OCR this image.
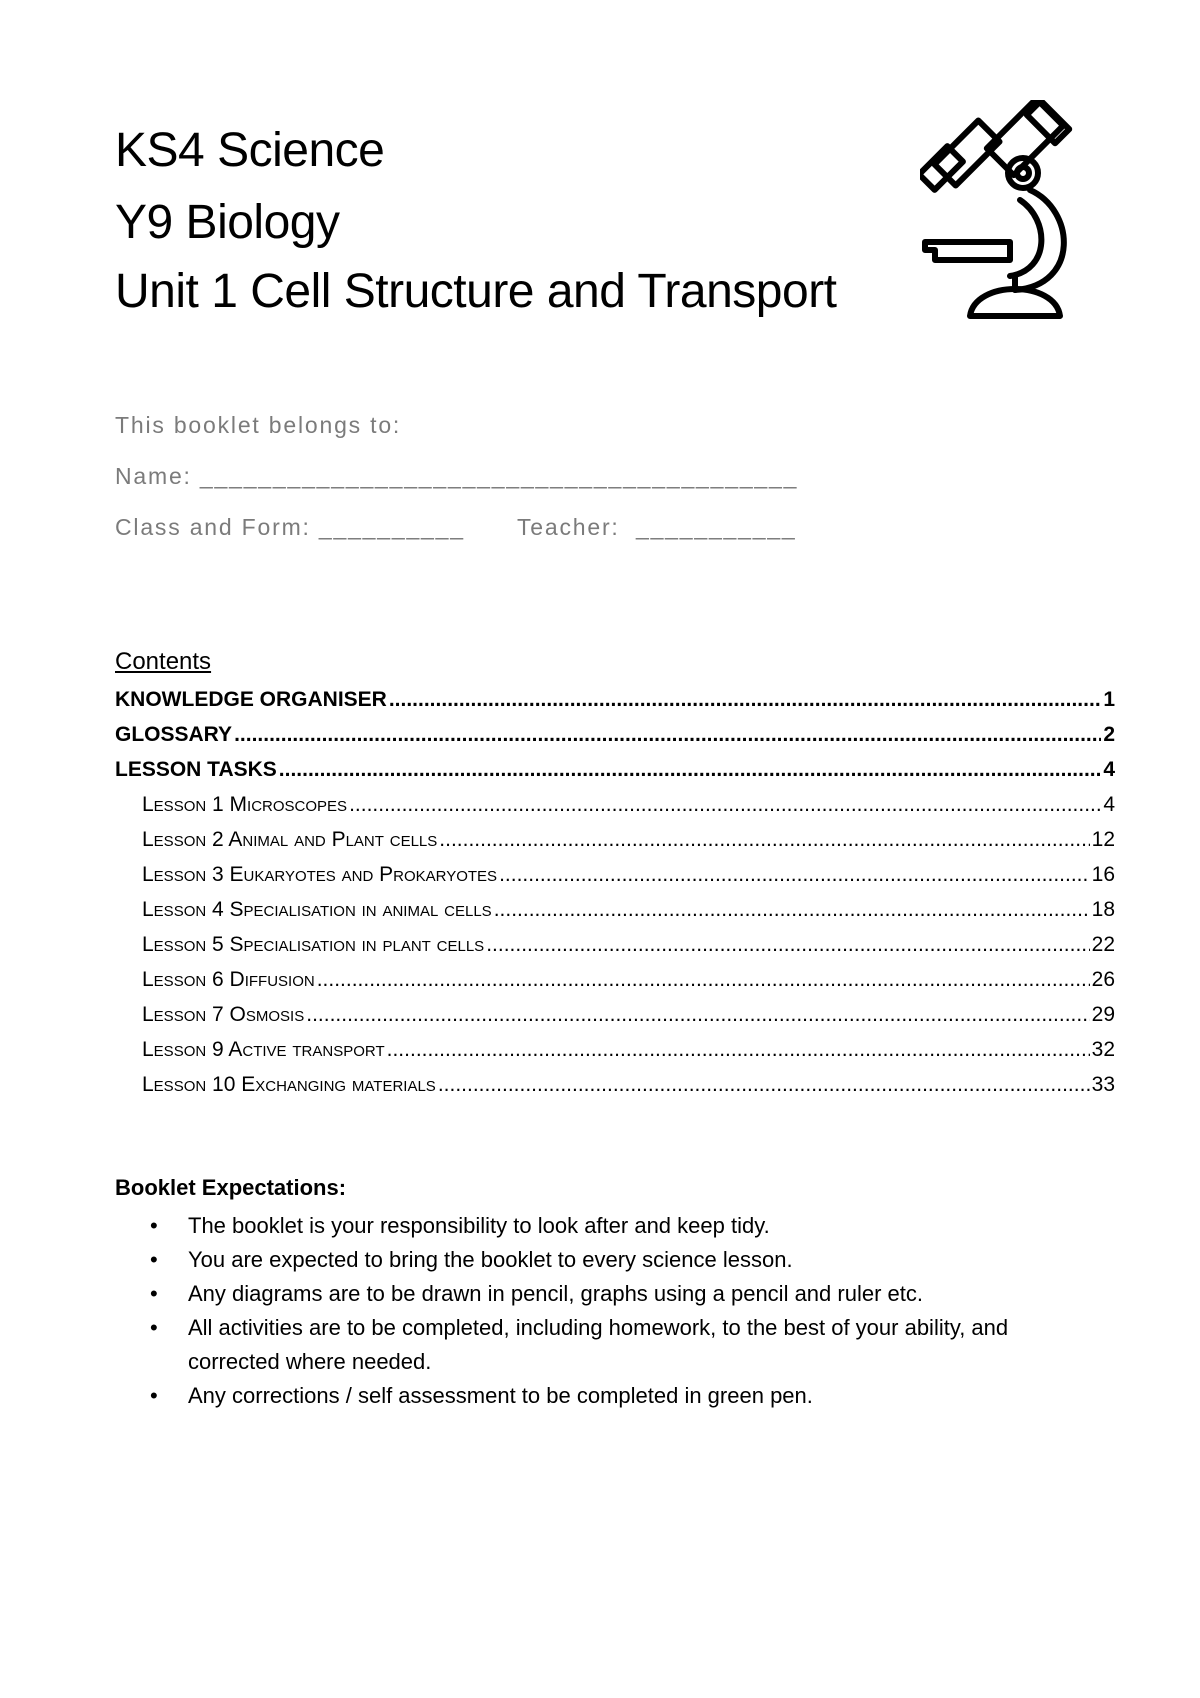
KS4 Science
Y9 Biology
Unit 1 Cell Structure and Transport
This booklet belongs to:
Name: _________________________________________
Class and Form: __________ Teacher:  ___________
Contents
KNOWLEDGE ORGANISER .....	1
GLOSSARY .....	2
LESSON TASKS .....	4
Lesson 1 Microscopes .....	4
Lesson 2 Animal and Plant cells .....	12
Lesson 3 Eukaryotes and Prokaryotes .....	16
Lesson 4 Specialisation in animal cells .....	18
Lesson 5 Specialisation in plant cells .....	22
Lesson 6 Diffusion .....	26
Lesson 7 Osmosis .....	29
Lesson 9 Active transport .....	32
Lesson 10 Exchanging materials .....	33
Booklet Expectations:
• The booklet is your responsibility to look after and keep tidy.
• You are expected to bring the booklet to every science lesson.
• Any diagrams are to be drawn in pencil, graphs using a pencil and ruler etc.
• All activities are to be completed, including homework, to the best of your ability, and corrected where needed.
• Any corrections / self assessment to be completed in green pen.
